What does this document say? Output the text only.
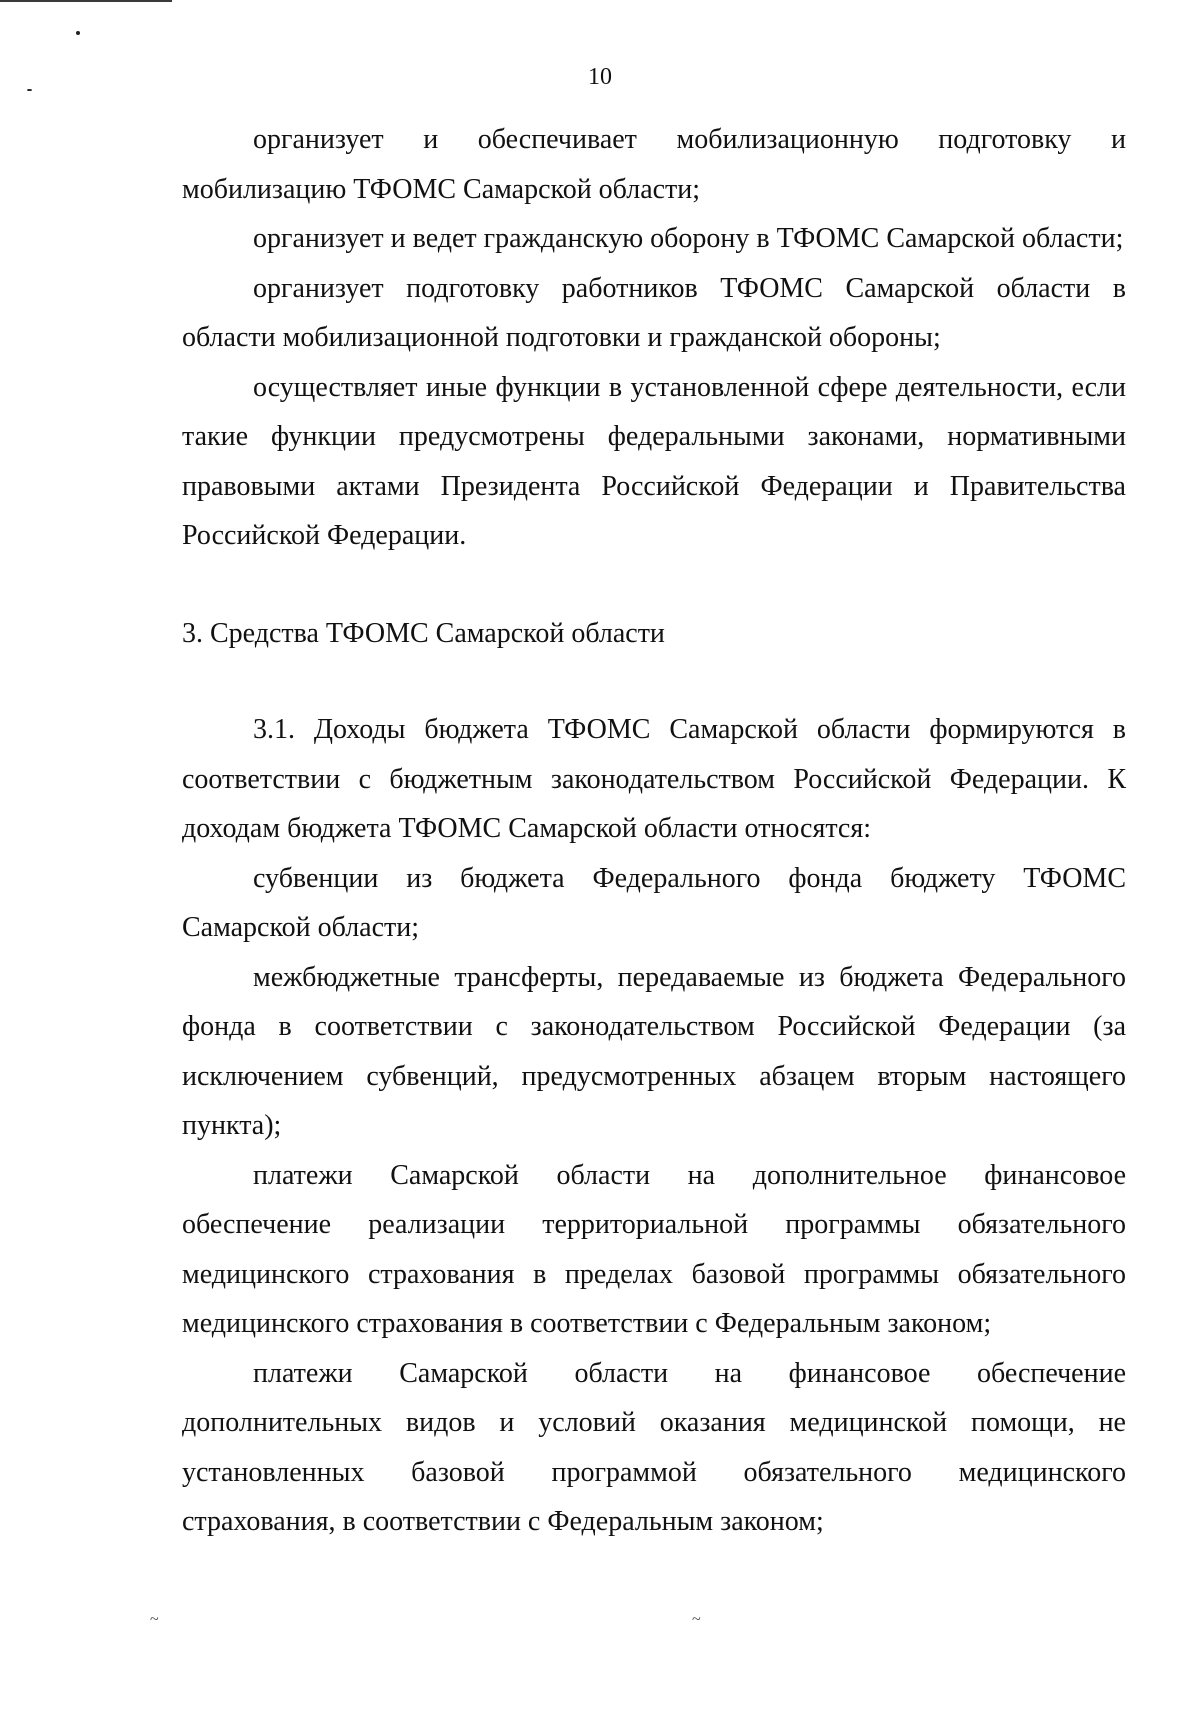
10

организует и обеспечивает мобилизационную подготовку и мобилизацию ТФОМС Самарской области;

организует и ведет гражданскую оборону в ТФОМС Самарской области;

организует подготовку работников ТФОМС Самарской области в области мобилизационной подготовки и гражданской обороны;

осуществляет иные функции в установленной сфере деятельности, если такие функции предусмотрены федеральными законами, нормативными правовыми актами Президента Российской Федерации и Правительства Российской Федерации.

3. Средства ТФОМС Самарской области

3.1. Доходы бюджета ТФОМС Самарской области формируются в соответствии с бюджетным законодательством Российской Федерации. К доходам бюджета ТФОМС Самарской области относятся:

субвенции из бюджета Федерального фонда бюджету ТФОМС Самарской области;

межбюджетные трансферты, передаваемые из бюджета Федерального фонда в соответствии с законодательством Российской Федерации (за исключением субвенций, предусмотренных абзацем вторым настоящего пункта);

платежи Самарской области на дополнительное финансовое обеспечение реализации территориальной программы обязательного медицинского страхования в пределах базовой программы обязательного медицинского страхования в соответствии с Федеральным законом;

платежи Самарской области на финансовое обеспечение дополнительных видов и условий оказания медицинской помощи, не установленных базовой программой обязательного медицинского страхования, в соответствии с Федеральным законом;

~	~
